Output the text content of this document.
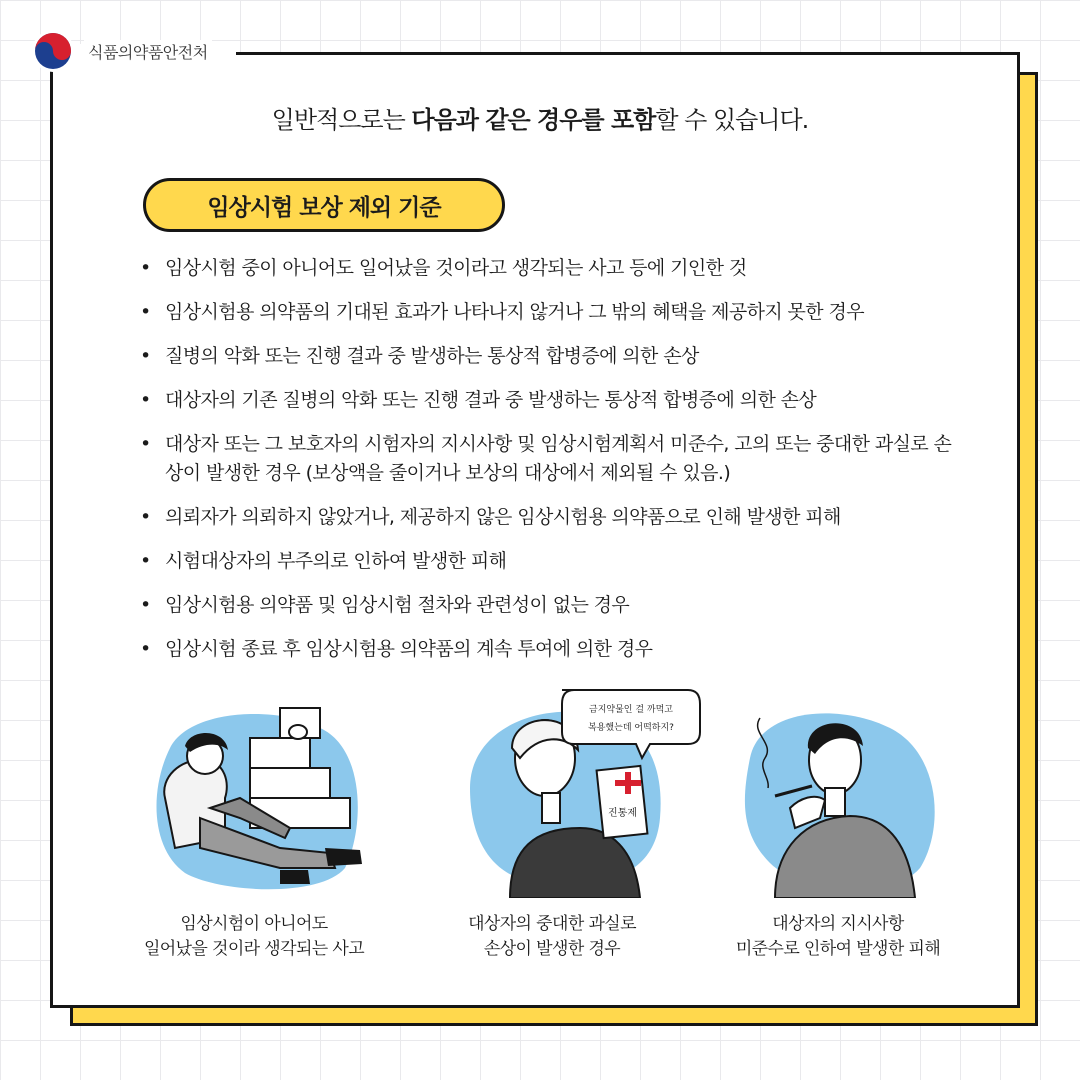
식품의약품안전처
일반적으로는 다음과 같은 경우를 포함할 수 있습니다.
임상시험 보상 제외 기준
• 임상시험 중이 아니어도 일어났을 것이라고 생각되는 사고 등에 기인한 것
• 임상시험용 의약품의 기대된 효과가 나타나지 않거나 그 밖의 혜택을 제공하지 못한 경우
• 질병의 악화 또는 진행 결과 중 발생하는 통상적 합병증에 의한 손상
• 대상자의 기존 질병의 악화 또는 진행 결과 중 발생하는 통상적 합병증에 의한 손상
• 대상자 또는 그 보호자의 시험자의 지시사항 및 임상시험계획서 미준수, 고의 또는 중대한 과실로 손상이 발생한 경우 (보상액을 줄이거나 보상의 대상에서 제외될 수 있음.)
• 의뢰자가 의뢰하지 않았거나, 제공하지 않은 임상시험용 의약품으로 인해 발생한 피해
• 시험대상자의 부주의로 인하여 발생한 피해
• 임상시험용 의약품 및 임상시험 절차와 관련성이 없는 경우
• 임상시험 종료 후 임상시험용 의약품의 계속 투여에 의한 경우
임상시험이 아니어도
일어났을 것이라 생각되는 사고
진통제
금지약물인 걸 까먹고
복용했는데 어떡하지?
대상자의 중대한 과실로
손상이 발생한 경우
대상자의 지시사항
미준수로 인하여 발생한 피해
